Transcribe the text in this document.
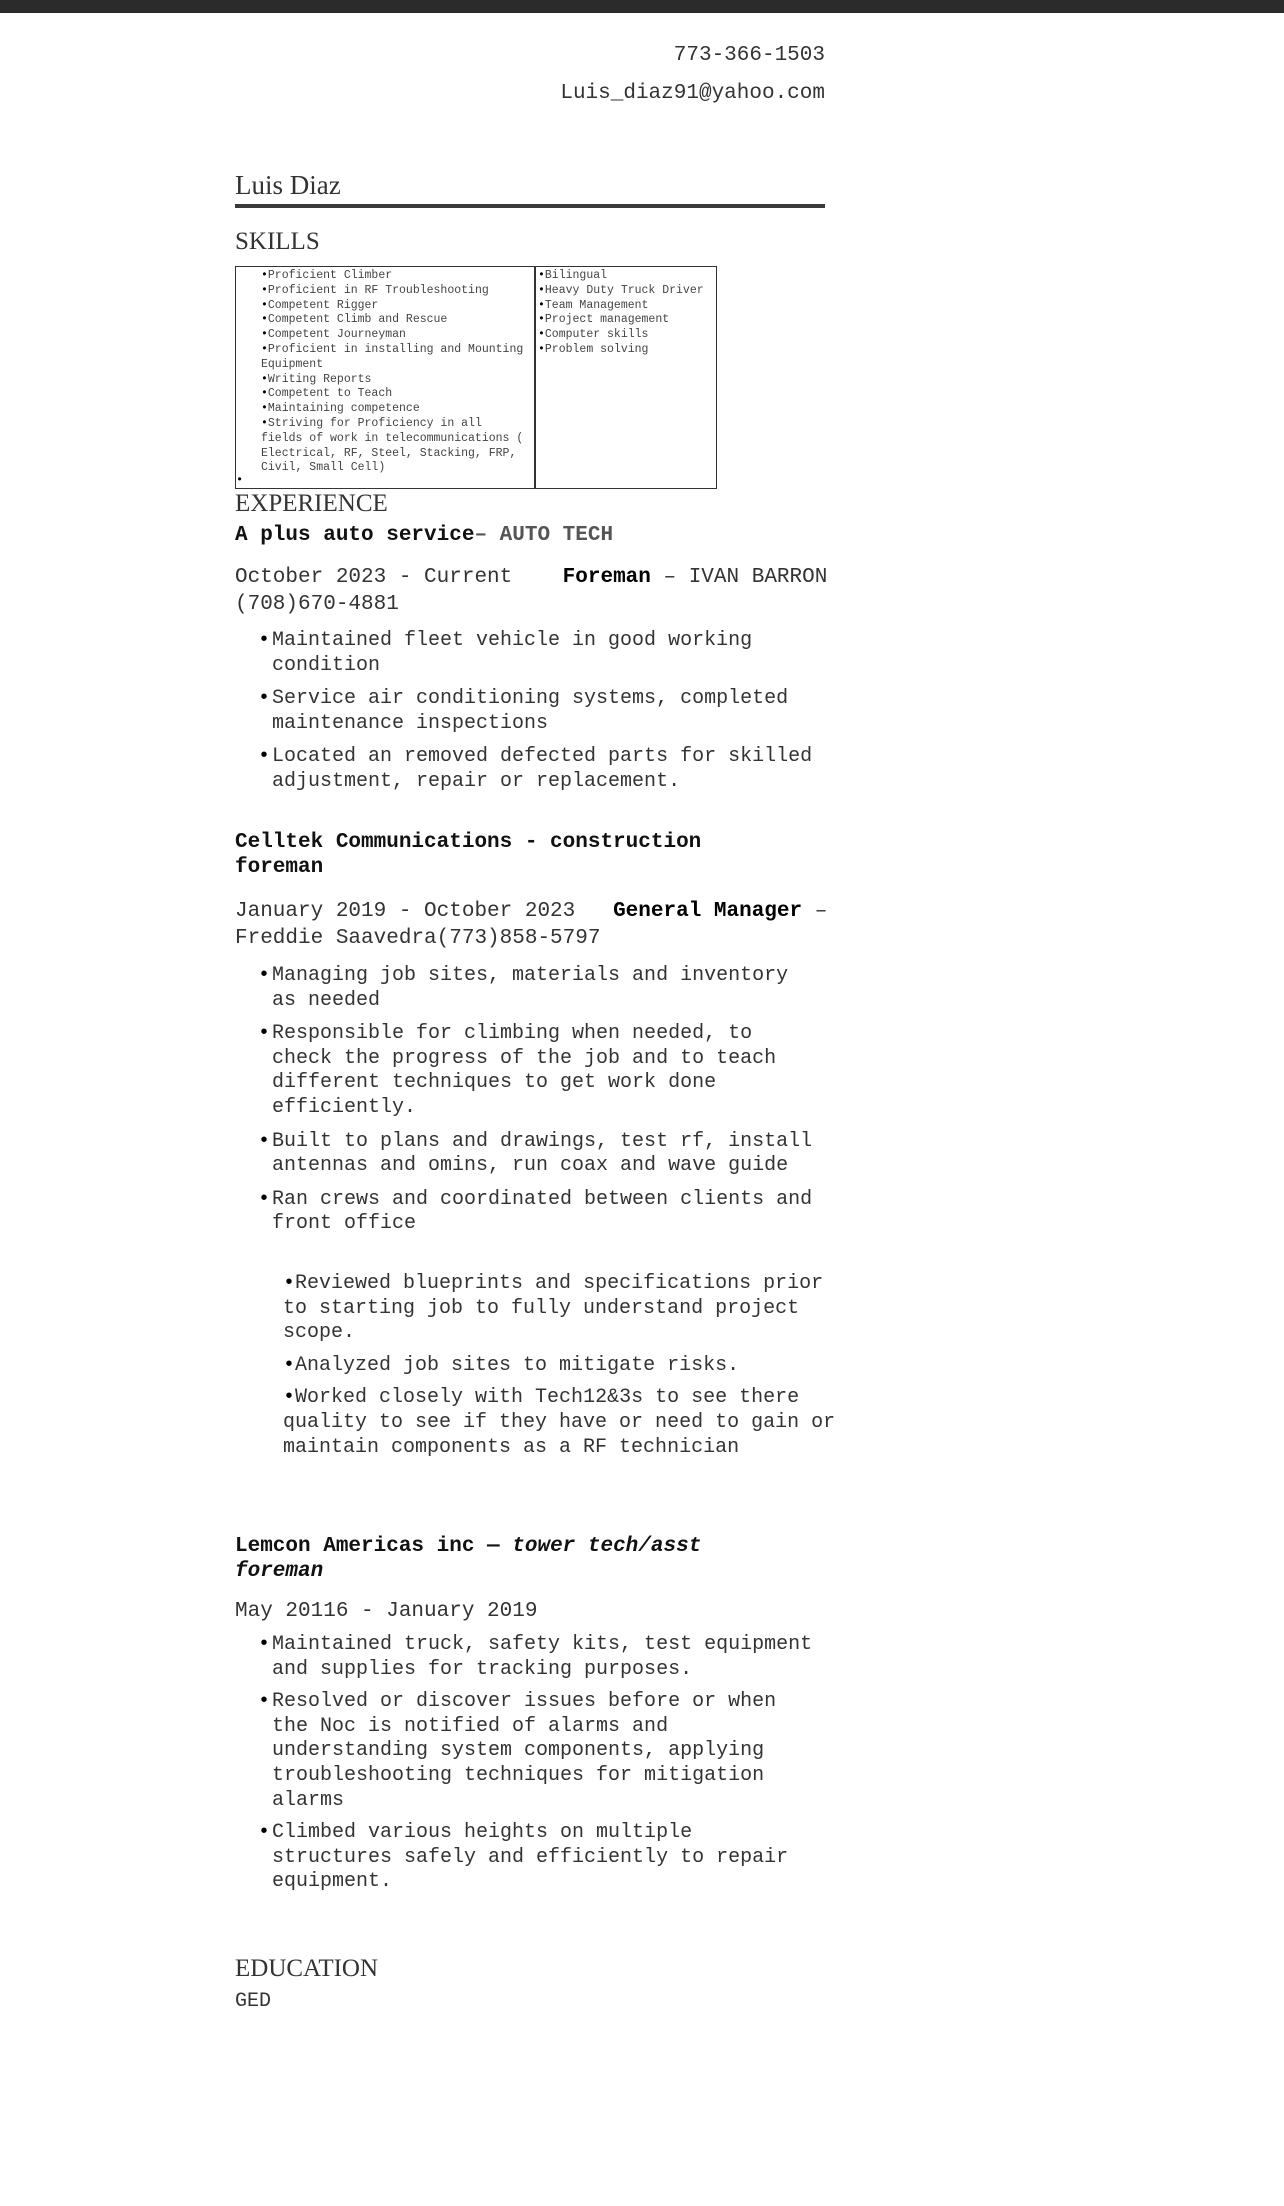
773-366-1503
Luis_diaz91@yahoo.com
Luis Diaz
SKILLS
• Proficient Climber
• Proficient in RF Troubleshooting
• Competent Rigger
• Competent Climb and Rescue
• Competent Journeyman
• Proficient in installing and Mounting Equipment
• Writing Reports
• Competent to Teach
• Maintaining competence
• Striving for Proficiency in all fields of work in telecommunications ( Electrical, RF, Steel, Stacking, FRP, Civil, Small Cell)
• Bilingual
• Heavy Duty Truck Driver
• Team Management
• Project management
• Computer skills
• Problem solving
•
EXPERIENCE
A plus auto service– AUTO TECH
October 2023 - Current Foreman – IVAN BARRON (708)670-4881
• Maintained fleet vehicle in good working condition
• Service air conditioning systems, completed maintenance inspections
• Located an removed defected parts for skilled adjustment, repair or replacement.
Celltek Communications - construction foreman
January 2019 - October 2023 General Manager – Freddie Saavedra(773)858-5797
• Managing job sites, materials and inventory as needed
• Responsible for climbing when needed, to check the progress of the job and to teach different techniques to get work done efficiently.
• Built to plans and drawings, test rf, install antennas and omins, run coax and wave guide
• Ran crews and coordinated between clients and front office
• Reviewed blueprints and specifications prior to starting job to fully understand project scope.
• Analyzed job sites to mitigate risks.
• Worked closely with Tech12&3s to see there quality to see if they have or need to gain or maintain components as a RF technician
Lemcon Americas inc — tower tech/asst foreman
May 20116 - January 2019
• Maintained truck, safety kits, test equipment and supplies for tracking purposes.
• Resolved or discover issues before or when the Noc is notified of alarms and understanding system components, applying troubleshooting techniques for mitigation alarms
• Climbed various heights on multiple structures safely and efficiently to repair equipment.
EDUCATION
GED
